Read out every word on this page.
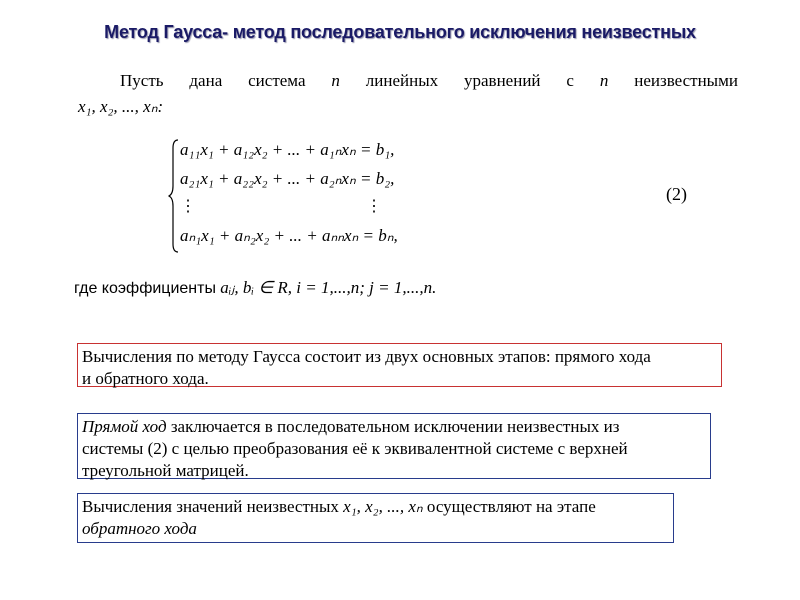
Метод Гаусса- метод последовательного исключения неизвестных
Пусть дана система n линейных уравнений с n неизвестными
x₁, x₂, ..., xₙ:
a₁₁x₁ + a₁₂x₂ + ... + a₁ₙxₙ = b₁,
a₂₁x₁ + a₂₂x₂ + ... + a₂ₙxₙ = b₂,
⋮	⋮
aₙ₁x₁ + aₙ₂x₂ + ... + aₙₙxₙ = bₙ,
(2)
где коэффициенты aᵢⱼ, bᵢ ∈ R, i = 1,...,n; j = 1,...,n.
Вычисления по методу Гаусса состоит из двух основных этапов: прямого хода
и обратного хода.
Прямой ход заключается в последовательном исключении неизвестных из
системы (2) с целью преобразования её к эквивалентной системе с верхней
треугольной матрицей.
Вычисления значений неизвестных x₁, x₂, ..., xₙ осуществляют на этапе
обратного хода
